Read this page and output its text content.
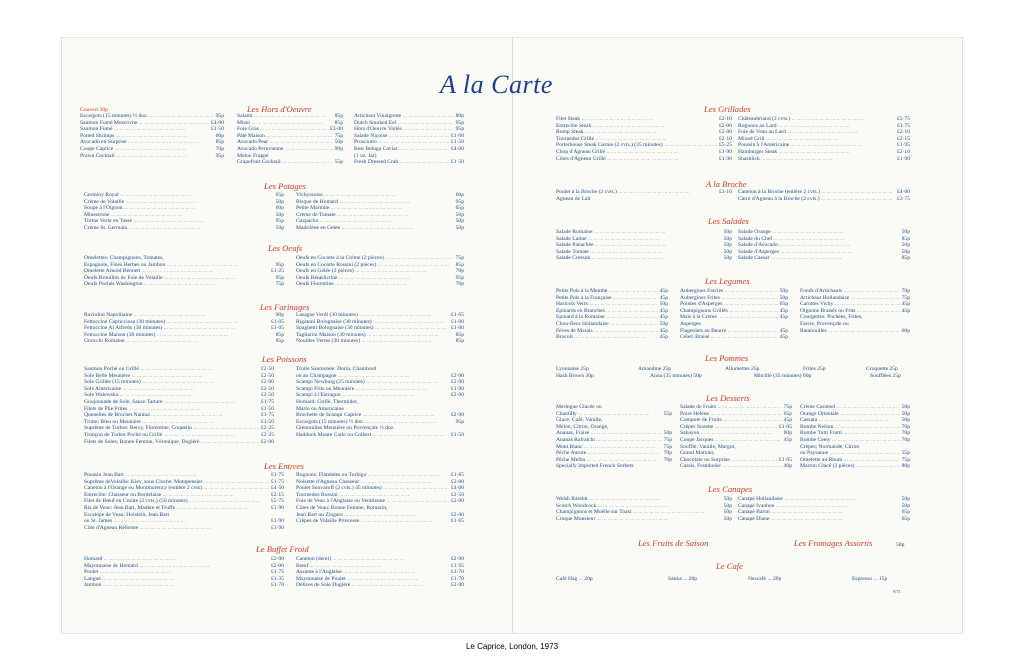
A la Carte
Couvert 30p	Les Hors d'Oeuvre
Escargots (15 minutes) ½ doz. ... .	95p
Saumon Fumé Moscovite ... .	£4·00
Saumon Fumé ... .	£1·50
Potted Shrimps ... .	60p
Avocado en Surprise ... .	85p
Coupe Caprice ... .	70p
Prawn Cocktail ... .	95p
Salami ... .	85p
Misto ... .	85p
Foie Gras ... .	£3·00
Pâté Maison ... .	75p
Avocado Pear ... .	50p
Avocado Peruvienne ... .	90p
Melon Frappé
Grapefruit Cocktail ... .	55p
Artichaut Vinaigrette ... .	80p
Dutch Smoked Eel ... .	95p
Hors d'Oeuvre Variés ... .	95p
Salade Niçoise ... .	£1·00
Prosciutto ... .	£1·50
Best Beluga Caviar ... .	£4·00
(1 oz. Jar)
Fresh Dressed Crab ... .	£1·50
Les Potages
Germiny Royal ... .	65p
Crème de Volaille ... .	50p
Soupe à l'Oignon ... .	60p
Minestrone ... .	50p
Tortue Verte en Tasse ... .	95p
Crème St. Germain ... .	50p
Vichyssoise ... .	60p
Bisque de Homard ... .	95p
Petite Marmite ... .	65p
Crème de Tomate ... .	50p
Gazpacho ... .	50p
Madrilène en Gelée ... .	50p
Les Oeufs
Omelettes: Champignons, Tomates,
Espagnole, Fines Herbes ou Jambon ... .	95p
Omelette Arnold Bennett ... .	£1·25
Oeufs Brouillés de Foie de Volaille ... .	95p
Oeufs Pochés Washington ... .	75p
Oeufs en Cocotte à la Crème (2 pièces) ... .	75p
Oeufs en Cocotte Rossini (2 pièces) ... .	85p
Oeufs en Gelée (2 pièces) ... .	70p
Oeufs Bénédictine ... .	95p
Oeufs Florentine ... .	70p
Les Farinages
Raviolini Napolitaine ... .	90p
Fettuccine Capricciosa (30 minutes) ... .	£1·05
Fettuccine Al Alfredo (30 minutes) ... .	£1·05
Fettuccine Maison (30 minutes) ... .	85p
Gnocchi Romaine ... .	85p
Lasagne Verdi (30 minutes) ... .	£1·05
Rigatoni Bolognaise (30 minutes) ... .	£1·00
Spaghetti Bolognaise (30 minutes) ... .	£1·00
Tagliarini Maison (30 minutes) ... .	85p
Nouilles Vertes (30 minutes) ... .	85p
Les Poissons
Saumon Poché ou Grillé ... .	£2·50
Sole Belle Meunière ... .	£2·50
Sole Grillée (15 minutes) ... .	£2·00
Sole Américaine ... .	£2·50
Sole Walewska ... .	£2·50
Goujonnade de Sole, Sauce Tartare ... .	£1·75
Filets de Plie Frites ... .	£1·50
Quenelles de Brochet Nantua ... .	£1·75
Truite; Bleu ou Meunière ... .	£1·50
Suprême de Turbot: Bercy, Florentine, Coquelin ... .	£2·25
Tronçon de Turbot Poché ou Grillé ... .	£2·25
Filets de Soles; Bonne Femme, Véronique, Dugléré ... .	£2·00
Truite Saumonée: Doria, Chambord
ou au Champagne ... .	£2·00
Scampi Newburg (25 minutes) ... .	£2·00
Scampi Frits ou Meunière ... .	£1·90
Scampi à l'Estragon ... .	£2·00
Homard: Grillé, Thermidor,
Mario ou Americaine
Brochette de Scampi Caprice ... .	£2·00
Escargots (15 minutes) ½ doz. ... .	95p
Grenouilles Meunière ou Provençale ½ doz.
Haddock Monte Carlo ou Colbert ... .	£1·50
Les Entrees
Poussin Jean Bart ... .	£1·75
Suprême deVolaille: Kiev, sous Cloche, Montpensier ... .	£1·75
Caneton à l'Orange ou Montmorency (entière 2 cvts) ... .	£4·50
Entrecôte: Chasseur ou Bordelaise ... .	£2·15
Filet de Bœuf en Croûte (2 cvts.) (50 minutes) ... .	£5·75
Ris de Veau: Jean Bart, Madère et Truffe ... .	£1·90
Escalope de Veau: Holstein, Jean Bart
ou St. James ... .	£1·90
Côte d'Agneau Réforme ... .	£1·90
Rognons: Flambées ou Turbigo ... .	£1·85
Noisette d'Agneau Chasseur ... .	£2·00
Poulet Souvaroff (2 cvts.) 45 minutes) ... .	£4·00
Tournedos Rossini ... .	£2·50
Foie de Veau à l'Anglaise ou Venitienne ... .	£2·00
Côtes de Veau: Bonne Femme, Romarin,
Jean Bart ou Zingara ... .	£2·00
Crêpes de Volaille Princesse ... .	£1·65
Le Buffet Froid
Homard ... .	£2·00
Mayonnaise de Homard ... .	£2·00
Poulet ... .	£1·75
Langue ... .	£1·35
Jambon ... .	£1·70
Caneton (demi) ... .	£2·00
Bœuf ... .	£1·95
Assiette à l'Anglaise ... .	£1·70
Mayonnaise de Poulet ... .	£1·70
Délices de Sole Dugléré ... .	£2·00
Les Grillades
Filet Steak ... .	£2·10
Entrecôte Steak ... .	£2·00
Rump Steak ... .	£2·00
Tournedos Grillé ... .	£2·10
Porterhouse Steak Garnie (2 cvts.) (35 minutes) ... .	£5·25
Chop d'Agneau Grillé ... .	£1·90
Côtes d'Agneau Grillé ... .	£1·90
Châteaubriand (2 cvts.) ... .	£5·75
Rognons au Lard ... .	£1·75
Foie de Veau au Lard ... .	£2·10
Mixed Grill ... .	£2·15
Poussin à l'Américaine ... .	£1·95
Hamburger Steak ... .	£2·10
Shashlick ... .	£1·90
A la Broche
Poulet à la Broche (2 cvts.) ... .	£3·10
Agneau de Lait
Caneton à la Broche (entière 2 cvts.) ... .	£4·00
Carré d'Agneau à la Broche (2 cvts.) ... .	£3·75
Les Salades
Salade Romaine ... .	50p
Salade Laitue ... .	50p
Salade Panachée ... .	50p
Salade Tomate ... .	50p
Salade Cresson ... .	50p
Salade Orange ... .	50p
Salade du Chef ... .	85p
Salade d'Avocado ... .	50p
Salade d'Asperges ... .	50p
Salade Caesar ... .	85p
Les Legumes
Petits Pois à la Menthe ... .	45p
Petits Pois à la Française ... .	45p
Haricots Verts ... .	50p
Epinards en Branches ... .	45p
Epinard à la Romaine ... .	45p
Chou-fleur Hollandaise ... .	50p
Fèves de Marais ... .	45p
Brocoli ... .	45p
Aubergines Farcies ... .	50p
Aubergines Frites ... .	50p
Pointes d'Asperges ... .	65p
Champignons Grillés ... .	45p
Maïs à la Crème ... .	45p
Asperges
Flageolets au Beurre ... .	45p
Céleri Braisé ... .	45p
Fonds d'Artichauts ... .	70p
Artichaut Hollandaise ... .	75p
Carottes Vichy ... .	45p
Oignons Braisés ou Frits ... .	45p
Courgettes: Pochées, Frites,
Farcie, Provençale ou
Ratatouilles ... .	60p
Les Pommes
Lyonnaise 25p	Amandine 25p	Allumettes 25p	Frites 25p	Croquette 25p
Hash Brown 30p	Anna (35 minutes) 50p	Mitcille (35 minutes) 60p	Soufflées 25p
Les Desserts
Meringue Glacée ou
Chantilly ... .	55p
Glace: Café, Vanille,
Melon, Citron, Orange,
Ananas, Fraise ... .	50p
Ananas Rafraîchi ... .	75p
Mont Blanc ... .	75p
Pêche Aurore ... .	70p
Pêche Melba ... .	70p
Specially imported French Sorbets
Salade de Fruits ... .	75p
Poire Hélène ... .	65p
Compote de Fruits ... .	45p
Crêpes Suzette ... .	£1·05
Sabayon ... .	80p
Coupe Jacques ... .	45p
Soufflé: Vanille, Margot,
Grand Marnier,
Chocolate ou Surprise ... .	£1·05
Cassis, Framboise ... .	40p
Crème Caramel ... .	50p
Orange Orientale ... .	50p
Cassata ... .	50p
Bombe Nelson ... .	70p
Bombe Tutti Frutti ... .	70p
Bombe Ceely ... .	70p
Crêpes; Normande, Citron
ou Paysanne ... .	55p
Omelette au Rhum ... .	75p
Marron Glacé (3 pièces) ... .	80p
Les Canapes
Welsh Rarebit ... .	50p
Scotch Woodcock ... .	50p
Champignons et Moëlle sur Toast ... .	50p
Croque Monsieur ... .	50p
Canapé Hollandaise ... .	50p
Canapé Ivanhoe ... .	50p
Canapé Baron ... .	65p
Canapé Diane ... .	65p
Les Fruits de Saison	Les Fromages Assortis	50p
Le Cafe
Café Hag ... 20p	Sanka ... 20p	Nescafé ... 20p	Espresso ... 15p
9/73
Le Caprice, London, 1973
